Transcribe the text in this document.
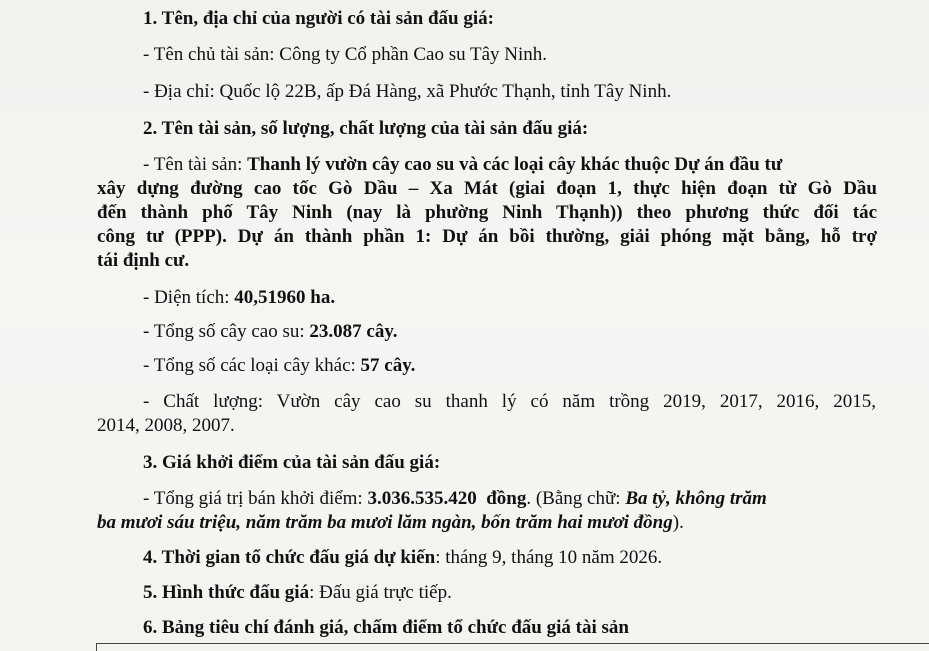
1. Tên, địa chỉ của người có tài sản đấu giá:
- Tên chủ tài sản: Công ty Cổ phần Cao su Tây Ninh.
- Địa chỉ: Quốc lộ 22B, ấp Đá Hàng, xã Phước Thạnh, tỉnh Tây Ninh.
2. Tên tài sản, số lượng, chất lượng của tài sản đấu giá:
- Tên tài sản: Thanh lý vườn cây cao su và các loại cây khác thuộc Dự án đầu tư
xây dựng đường cao tốc Gò Dầu – Xa Mát (giai đoạn 1, thực hiện đoạn từ Gò Dầu
đến thành phố Tây Ninh (nay là phường Ninh Thạnh)) theo phương thức đối tác
công tư (PPP). Dự án thành phần 1: Dự án bồi thường, giải phóng mặt bằng, hỗ trợ
tái định cư.
- Diện tích: 40,51960 ha.
- Tổng số cây cao su: 23.087 cây.
- Tổng số các loại cây khác: 57 cây.
- Chất lượng: Vườn cây cao su thanh lý có năm trồng 2019, 2017, 2016, 2015,
2014, 2008, 2007.
3. Giá khởi điểm của tài sản đấu giá:
- Tổng giá trị bán khởi điểm: 3.036.535.420  đồng. (Bằng chữ: Ba tỷ, không trăm
ba mươi sáu triệu, năm trăm ba mươi lăm ngàn, bốn trăm hai mươi đồng).
4. Thời gian tổ chức đấu giá dự kiến: tháng 9, tháng 10 năm 2026.
5. Hình thức đấu giá: Đấu giá trực tiếp.
6. Bảng tiêu chí đánh giá, chấm điểm tổ chức đấu giá tài sản
